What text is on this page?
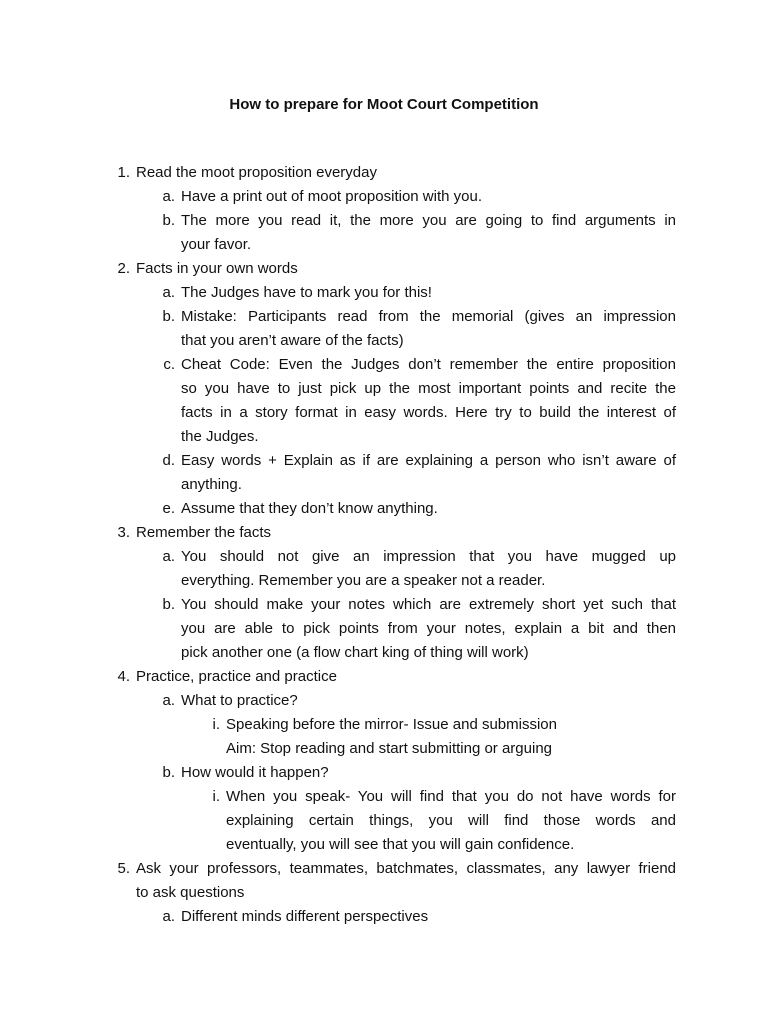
How to prepare for Moot Court Competition
1. Read the moot proposition everyday
a. Have a print out of moot proposition with you.
b. The more you read it, the more you are going to find arguments in
your favor.
2. Facts in your own words
a. The Judges have to mark you for this!
b. Mistake: Participants read from the memorial (gives an impression
that you aren’t aware of the facts)
c. Cheat Code: Even the Judges don’t remember the entire proposition
so you have to just pick up the most important points and recite the
facts in a story format in easy words. Here try to build the interest of
the Judges.
d. Easy words + Explain as if are explaining a person who isn’t aware of
anything.
e. Assume that they don’t know anything.
3. Remember the facts
a. You should not give an impression that you have mugged up
everything. Remember you are a speaker not a reader.
b. You should make your notes which are extremely short yet such that
you are able to pick points from your notes, explain a bit and then
pick another one (a flow chart king of thing will work)
4. Practice, practice and practice
a. What to practice?
i. Speaking before the mirror- Issue and submission
Aim: Stop reading and start submitting or arguing
b. How would it happen?
i. When you speak- You will find that you do not have words for
explaining certain things, you will find those words and
eventually, you will see that you will gain confidence.
5. Ask your professors, teammates, batchmates, classmates, any lawyer friend
to ask questions
a. Different minds different perspectives
